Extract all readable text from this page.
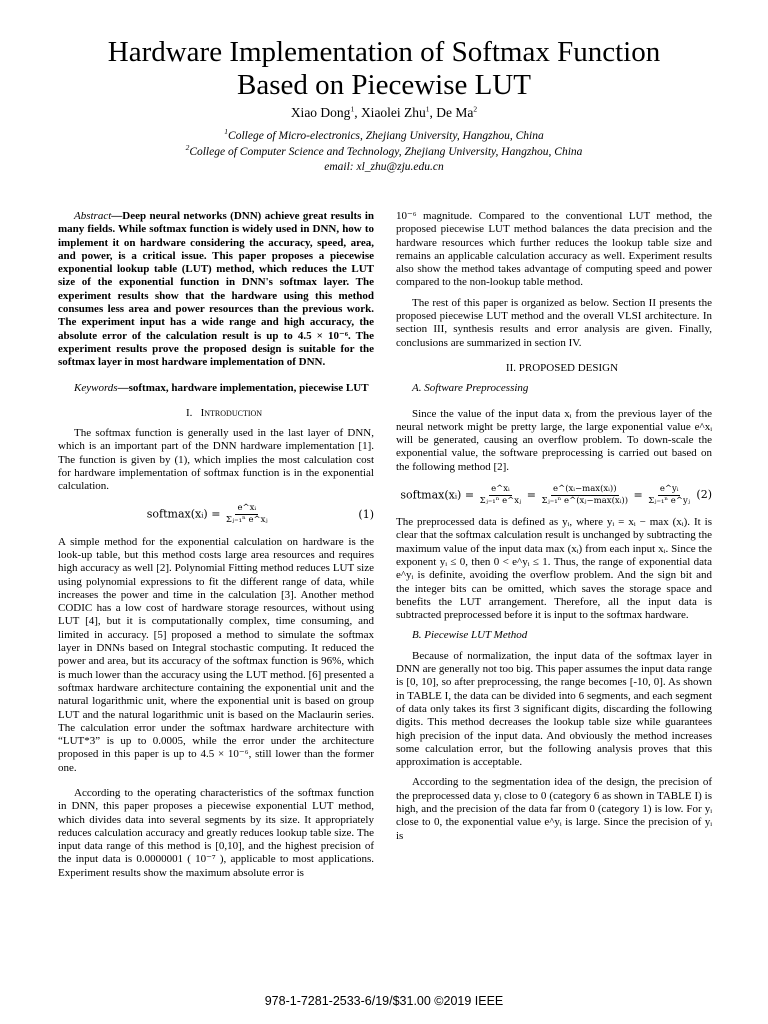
Hardware Implementation of Softmax Function
Based on Piecewise LUT
Xiao Dong$^1$, Xiaolei Zhu$^1$, De Ma$^2$
$^1$College of Micro-electronics, Zhejiang University, Hangzhou, China
$^2$College of Computer Science and Technology, Zhejiang University, Hangzhou, China
email: xl_zhu@zju.edu.cn

Abstract—Deep neural networks (DNN) achieve great results in many fields. While softmax function is widely used in DNN, how to implement it on hardware considering the accuracy, speed, area, and power, is a critical issue. This paper proposes a piecewise exponential lookup table (LUT) method, which reduces the LUT size of the exponential function in DNN's softmax layer. The experiment results show that the hardware using this method consumes less area and power resources than the previous work. The experiment input has a wide range and high accuracy, the absolute error of the calculation result is up to 4.5 × 10⁻⁶. The experiment results prove the proposed design is suitable for the softmax layer in most hardware implementation of DNN.

Keywords—softmax, hardware implementation, piecewise LUT

I. Introduction

The softmax function is generally used in the last layer of DNN, which is an important part of the DNN hardware implementation [1]. The function is given by (1), which implies the most calculation cost for hardware implementation of softmax function is in the exponential calculation.

softmax(xᵢ) = $\frac{\text{e\textasciicircum{}xᵢ}}{\text{Σⱼ₌₁ⁿ e\textasciicircum{}xⱼ}}$	(1)

A simple method for the exponential calculation on hardware is the look-up table, but this method costs large area resources and requires high accuracy as well [2]. Polynomial Fitting method reduces LUT size using polynomial expressions to fit the different range of data, while increases the power and time in the calculation [3]. Another method CODIC has a low cost of hardware storage resources, without using LUT [4], but it is computationally complex, time consuming, and limited in accuracy. [5] proposed a method to simulate the softmax layer in DNNs based on Integral stochastic computing. It reduced the power and area, but its accuracy of the softmax function is 96%, which is much lower than the accuracy using the LUT method. [6] presented a softmax hardware architecture containing the exponential unit and the natural logarithmic unit, where the exponential unit is based on group LUT and the natural logarithmic unit is based on the Maclaurin series. The calculation error under the softmax hardware architecture with “LUT*3” is up to 0.0005, while the error under the architecture proposed in this paper is up to 4.5 × 10⁻⁶, still lower than the former one.

According to the operating characteristics of the softmax function in DNN, this paper proposes a piecewise exponential LUT method, which divides data into several segments by its size. It appropriately reduces calculation accuracy and greatly reduces lookup table size. The input data range of this method is [0,10], and the highest precision of the input data is 0.0000001 ( 10⁻⁷ ), applicable to most applications. Experiment results show the maximum absolute error is

10⁻⁶ magnitude. Compared to the conventional LUT method, the proposed piecewise LUT method balances the data precision and the hardware resources which further reduces the lookup table size and remains an applicable calculation accuracy as well. Experiment results also show the method takes advantage of computing speed and power compared to the non-lookup table method.

The rest of this paper is organized as below. Section II presents the proposed piecewise LUT method and the overall VLSI architecture. In section III, synthesis results and error analysis are given. Finally, conclusions are summarized in section IV.

II. PROPOSED DESIGN

A. Software Preprocessing

Since the value of the input data xᵢ from the previous layer of the neural network might be pretty large, the large exponential value e^xᵢ will be generated, causing an overflow problem. To down-scale the exponential value, the software preprocessing is carried out based on the following method [2].

softmax(xᵢ) = $\frac{\text{e\textasciicircum{}xᵢ}}{\text{Σⱼ₌₁ⁿ e\textasciicircum{}xⱼ}} = \frac{\text{e\textasciicircum{}(xᵢ−max(xᵢ))}}{\text{Σⱼ₌₁ⁿ e\textasciicircum{}(xⱼ−max(xᵢ))}} = \frac{\text{e\textasciicircum{}yᵢ}}{\text{Σⱼ₌₁ⁿ e\textasciicircum{}yⱼ}} (2)$

The preprocessed data is defined as yᵢ, where yᵢ = xᵢ − max (xᵢ). It is clear that the softmax calculation result is unchanged by subtracting the maximum value of the input data max (xᵢ) from each input xᵢ. Since the exponent yᵢ ≤ 0, then 0 < e^yᵢ ≤ 1. Thus, the range of exponential data e^yᵢ is definite, avoiding the overflow problem. And the sign bit and the integer bits can be omitted, which saves the storage space and benefits the LUT arrangement. Therefore, all the input data is subtracted preprocessed before it is input to the softmax hardware.

B. Piecewise LUT Method

Because of normalization, the input data of the softmax layer in DNN are generally not too big. This paper assumes the input data range is [0, 10], so after preprocessing, the range becomes [-10, 0]. As shown in TABLE I, the data can be divided into 6 segments, and each segment of data only takes its first 3 significant digits, discarding the following digits. This method decreases the lookup table size while guarantees high precision of the input data. And obviously the method increases some calculation error, but the following analysis proves that this approximation is acceptable.

According to the segmentation idea of the design, the precision of the preprocessed data yᵢ close to 0 (category 6 as shown in TABLE I) is high, and the precision of the data far from 0 (category 1) is low. For yᵢ close to 0, the exponential value e^yᵢ is large. Since the precision of yᵢ is

978-1-7281-2533-6/19/$31.00 ©2019 IEEE
